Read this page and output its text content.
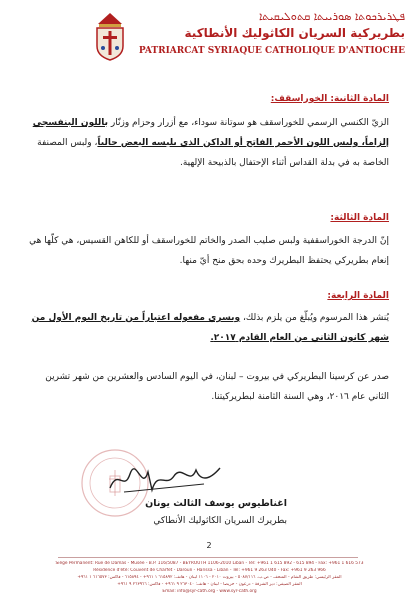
ܦܛܪܝܪܟܘܬܐ ܣܘܪܝܝܬܐ ܩܬܘܠܝܩܝܬܐ
بطريركية السريان الكاثوليك الأنطاكية
PATRIARCAT SYRIAQUE CATHOLIQUE D'ANTIOCHE
المادة الثانية: الخوراسقف:
الزيّ الكنسي الرسمي للخوراسقف هو سوتانة سوداء، مع أزرار وحزام وزنّار باللون البنفسجي إلزاماً، وليس اللون الأحمر الفاتح أو الداكن الذي يلبسه البعض حالياً، ولبس المصنفة الخاصة به في بدلة القداس أثناء الإحتفال بالذبيحة الإلهية.
المادة الثالثة:
إنّ الدرجة الخوراسقفية ولبس صليب الصدر والخاتم للخوراسقف أو للكاهن القسيس، هي كلّها هي إنعام بطريركي يحتفظ البطريرك وحده بحق منح أيّ منها.
المادة الرابعة:
يُنشر هذا المرسوم ويُبلّغ من يلزم بذلك، ويسري مفعوله اعتباراً من تاريخ اليوم الأول من شهر كانون الثاني من العام القادم ٢٠١٧.
صدر عن كرسينا البطريركي في بيروت – لبنان، في اليوم السادس والعشرين من شهر تشرين الثاني عام ٢٠١٦، وهي السنة الثامنة لبطريركيتنا.
اغناطيوس يوسف الثالث يونان
بطريرك السريان الكاثوليك الأنطاكي
2
Siège Permanent: Rue de Damas - Musée - B.P. 116/5087 - BEYROUTH 1106-2010 Liban - Tél: +961 1 615 892 - 615 894 - Fax: +961 1 616 573
Résidence d'été: Couvent de Charfet - Daroun - Harissa - Liban - Tél: +961 9 263 040 - Fax: +961 9 263 966
المقر الرئيسي: طريق الشام - المتحف - ص.ب. ٥٠٨٧/١١٦ - بيروت ٢٠١٠ - ١١٠٦ لبنان - هاتف: ٦١٥٨٩٢ ١ ٩٦١+ - ٦١٥٨٩٤ - فاكس: ٦١٦٥٧٣ ١ ٩٦١+
المقر الصيفي: دير الشرفة - درعون - حريصا - لبنان - هاتف: ٢٦٣٠٤٠ ٩ ٩٦١+ - فاكس: ٢٦٣٩٦٦ ٩ ٩٦١+
Email: info@syr-cath.org - www.syr-cath.org
